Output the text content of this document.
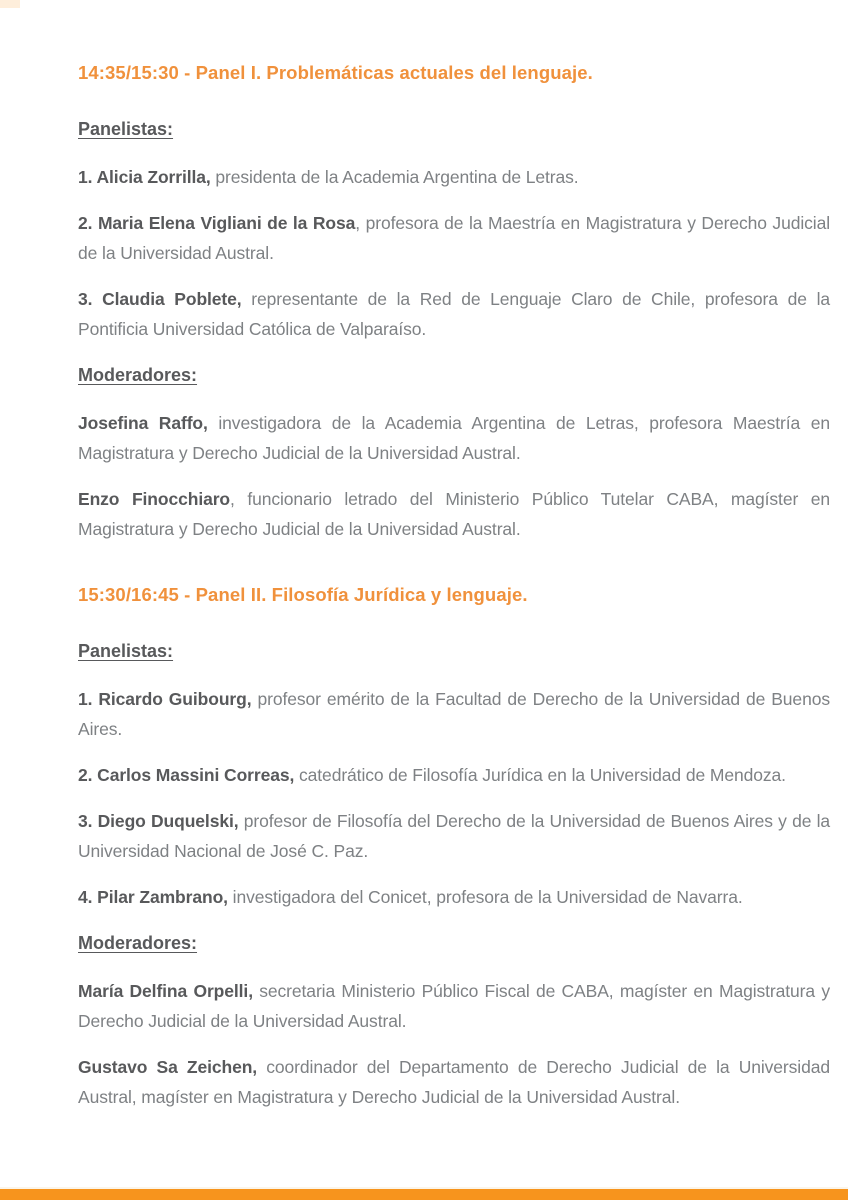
14:35/15:30 - Panel I. Problemáticas actuales del lenguaje.
Panelistas:

1. Alicia Zorrilla, presidenta de la Academia Argentina de Letras.

2. Maria Elena Vigliani de la Rosa, profesora de la Maestría en Magistratura y Derecho Judicial de la Universidad Austral.

3. Claudia Poblete, representante de la Red de Lenguaje Claro de Chile, profesora de la Pontificia Universidad Católica de Valparaíso.

Moderadores:

Josefina Raffo, investigadora de la Academia Argentina de Letras, profesora Maestría en Magistratura y Derecho Judicial de la Universidad Austral.

Enzo Finocchiaro, funcionario letrado del Ministerio Público Tutelar CABA, magíster en Magistratura y Derecho Judicial de la Universidad Austral.

15:30/16:45 - Panel II. Filosofía Jurídica y lenguaje.
Panelistas:

1. Ricardo Guibourg, profesor emérito de la Facultad de Derecho de la Universidad de Buenos Aires.

2. Carlos Massini Correas, catedrático de Filosofía Jurídica en la Universidad de Mendoza.

3. Diego Duquelski, profesor de Filosofía del Derecho de la Universidad de Buenos Aires y de la Universidad Nacional de José C. Paz.

4. Pilar Zambrano, investigadora del Conicet, profesora de la Universidad de Navarra.

Moderadores:

María Delfina Orpelli, secretaria Ministerio Público Fiscal de CABA, magíster en Magistratura y Derecho Judicial de la Universidad Austral.

Gustavo Sa Zeichen, coordinador del Departamento de Derecho Judicial de la Universidad Austral, magíster en Magistratura y Derecho Judicial de la Universidad Austral.
